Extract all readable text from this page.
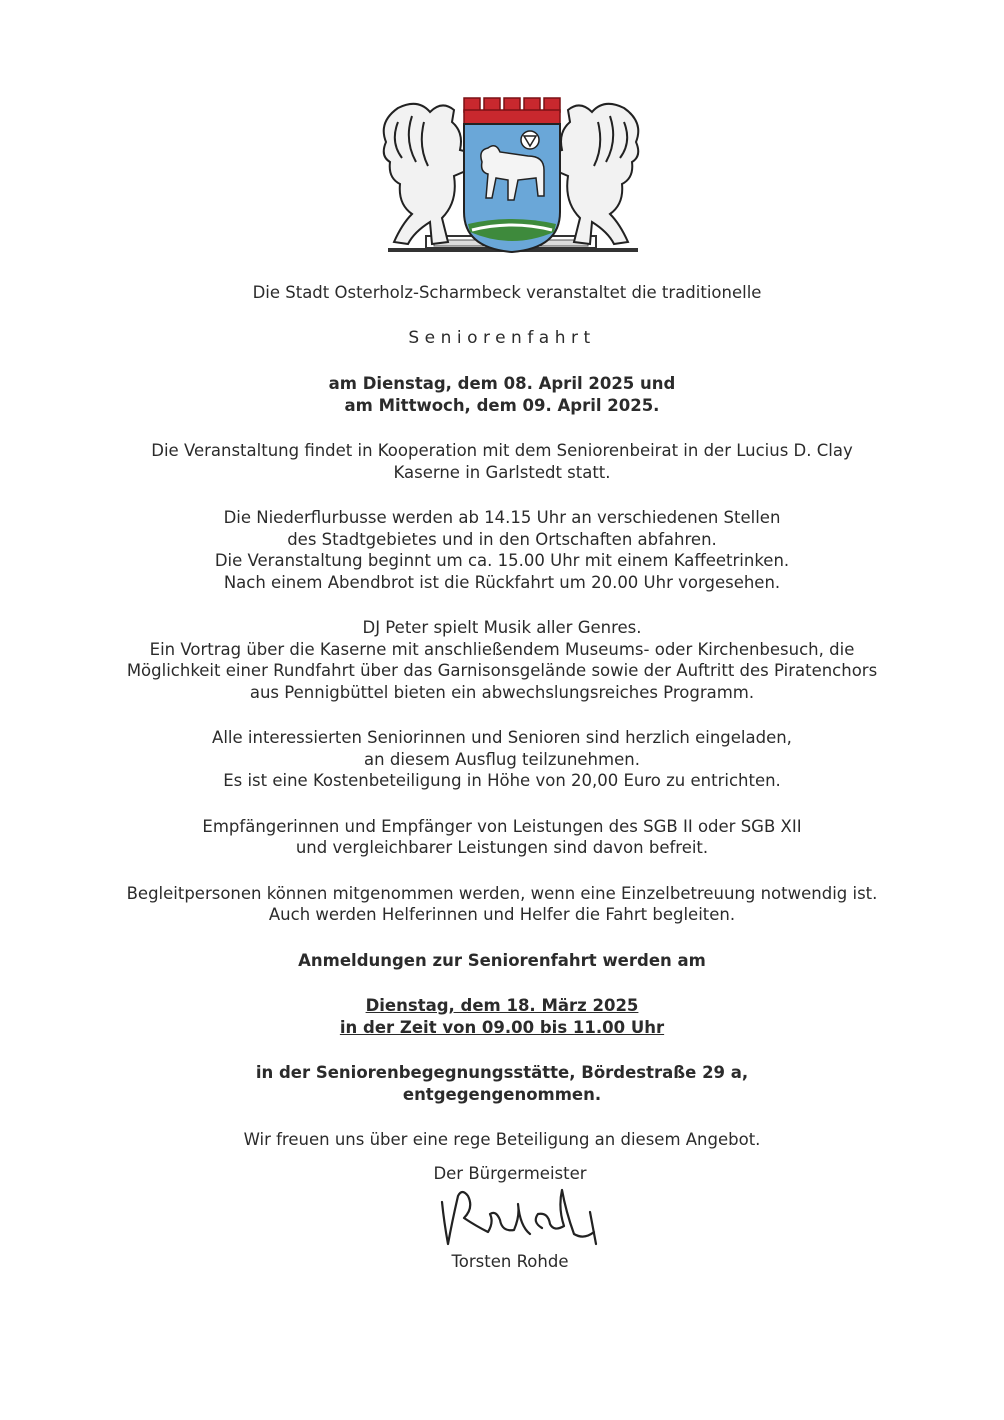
Die Stadt Osterholz-Scharmbeck veranstaltet die traditionelle
Seniorenfahrt
am Dienstag, dem 08. April 2025 und
am Mittwoch, dem 09. April 2025.
Die Veranstaltung findet in Kooperation mit dem Seniorenbeirat in der Lucius D. Clay
Kaserne in Garlstedt statt.
Die Niederflurbusse werden ab 14.15 Uhr an verschiedenen Stellen
des Stadtgebietes und in den Ortschaften abfahren.
Die Veranstaltung beginnt um ca. 15.00 Uhr mit einem Kaffeetrinken.
Nach einem Abendbrot ist die Rückfahrt um 20.00 Uhr vorgesehen.
DJ Peter spielt Musik aller Genres.
Ein Vortrag über die Kaserne mit anschließendem Museums- oder Kirchenbesuch, die
Möglichkeit einer Rundfahrt über das Garnisonsgelände sowie der Auftritt des Piratenchors
aus Pennigbüttel bieten ein abwechslungsreiches Programm.
Alle interessierten Seniorinnen und Senioren sind herzlich eingeladen,
an diesem Ausflug teilzunehmen.
Es ist eine Kostenbeteiligung in Höhe von 20,00 Euro zu entrichten.
Empfängerinnen und Empfänger von Leistungen des SGB II oder SGB XII
und vergleichbarer Leistungen sind davon befreit.
Begleitpersonen können mitgenommen werden, wenn eine Einzelbetreuung notwendig ist.
Auch werden Helferinnen und Helfer die Fahrt begleiten.
Anmeldungen zur Seniorenfahrt werden am
Dienstag, dem 18. März 2025
in der Zeit von 09.00 bis 11.00 Uhr
in der Seniorenbegegnungsstätte, Bördestraße 29 a,
entgegengenommen.
Wir freuen uns über eine rege Beteiligung an diesem Angebot.
Der Bürgermeister
Torsten Rohde
